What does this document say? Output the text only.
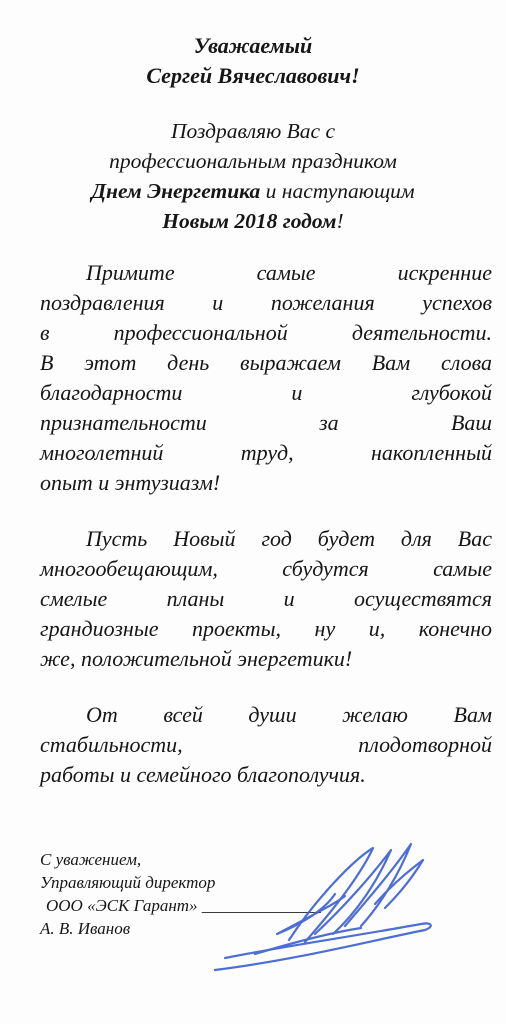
Уважаемый
Сергей Вячеславович!
Поздравляю Вас с
профессиональным праздником
Днем Энергетика и наступающим
Новым 2018 годом!
Примите самые искренние
поздравления и пожелания успехов
в профессиональной деятельности.
В этот день выражаем Вам слова
благодарности и глубокой
признательности за Ваш
многолетний труд, накопленный
опыт и энтузиазм!
Пусть Новый год будет для Вас
многообещающим, сбудутся самые
смелые планы и осуществятся
грандиозные проекты, ну и, конечно
же, положительной энергетики!
От всей души желаю Вам
стабильности, плодотворной
работы и семейного благополучия.
С уважением,
Управляющий директор
ООО «ЭСК Гарант» ______________
А. В. Иванов
